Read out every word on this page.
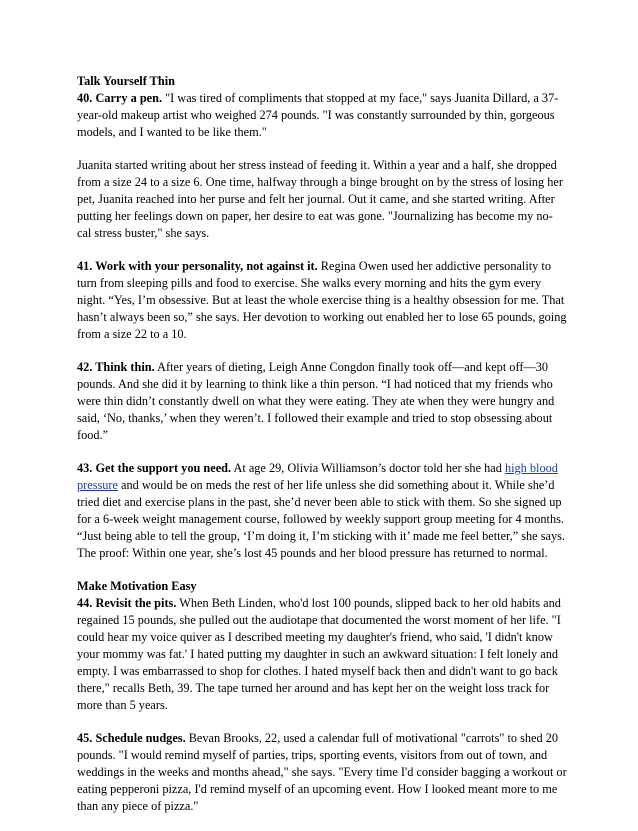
Talk Yourself Thin

40. Carry a pen. "I was tired of compliments that stopped at my face," says Juanita Dillard, a 37-year-old makeup artist who weighed 274 pounds. "I was constantly surrounded by thin, gorgeous models, and I wanted to be like them."

Juanita started writing about her stress instead of feeding it. Within a year and a half, she dropped from a size 24 to a size 6. One time, halfway through a binge brought on by the stress of losing her pet, Juanita reached into her purse and felt her journal. Out it came, and she started writing. After putting her feelings down on paper, her desire to eat was gone. "Journalizing has become my no-cal stress buster," she says.

41. Work with your personality, not against it. Regina Owen used her addictive personality to turn from sleeping pills and food to exercise. She walks every morning and hits the gym every night. “Yes, I’m obsessive. But at least the whole exercise thing is a healthy obsession for me. That hasn’t always been so,” she says. Her devotion to working out enabled her to lose 65 pounds, going from a size 22 to a 10.

42. Think thin. After years of dieting, Leigh Anne Congdon finally took off—and kept off—30 pounds. And she did it by learning to think like a thin person. “I had noticed that my friends who were thin didn’t constantly dwell on what they were eating. They ate when they were hungry and said, ‘No, thanks,’ when they weren’t. I followed their example and tried to stop obsessing about food.”

43. Get the support you need. At age 29, Olivia Williamson’s doctor told her she had high blood pressure and would be on meds the rest of her life unless she did something about it. While she’d tried diet and exercise plans in the past, she’d never been able to stick with them. So she signed up for a 6-week weight management course, followed by weekly support group meeting for 4 months. “Just being able to tell the group, ‘I’m doing it, I’m sticking with it’ made me feel better,” she says. The proof: Within one year, she’s lost 45 pounds and her blood pressure has returned to normal.

Make Motivation Easy

44. Revisit the pits. When Beth Linden, who'd lost 100 pounds, slipped back to her old habits and regained 15 pounds, she pulled out the audiotape that documented the worst moment of her life. "I could hear my voice quiver as I described meeting my daughter's friend, who said, 'I didn't know your mommy was fat.' I hated putting my daughter in such an awkward situation: I felt lonely and empty. I was embarrassed to shop for clothes. I hated myself back then and didn't want to go back there," recalls Beth, 39. The tape turned her around and has kept her on the weight loss track for more than 5 years.

45. Schedule nudges. Bevan Brooks, 22, used a calendar full of motivational "carrots" to shed 20 pounds. "I would remind myself of parties, trips, sporting events, visitors from out of town, and weddings in the weeks and months ahead," she says. "Every time I'd consider bagging a workout or eating pepperoni pizza, I'd remind myself of an upcoming event. How I looked meant more to me than any piece of pizza."
